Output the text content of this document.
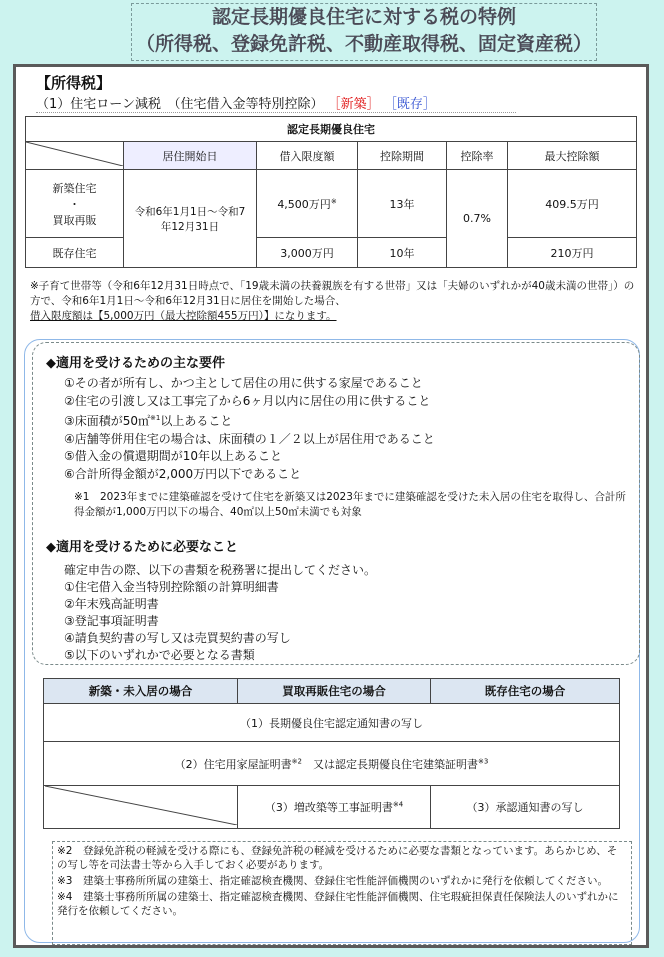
認定長期優良住宅に対する税の特例
（所得税、登録免許税、不動産取得税、固定資産税）
【所得税】
（1）住宅ローン減税　（住宅借入金等特別控除） ［新築］ ［既存］
認定長期優良住宅					
	居住開始日	借入限度額	控除期間	控除率	最大控除額

新築住宅
・
買取再販	令和6年1月1日～令和7年12月31日	4,500万円※	13年	0.7%	409.5万円
既存住宅		3,000万円	10年		210万円
※子育て世帯等（令和6年12月31日時点で、「19歳未満の扶養親族を有する世帯」又は「夫婦のいずれかが40歳未満の世帯」）の方で、令和6年1月1日～令和6年12月31日に居住を開始した場合、
借入限度額は【5,000万円（最大控除額455万円）】になります。
◆適用を受けるための主な要件
①その者が所有し、かつ主として居住の用に供する家屋であること
②住宅の引渡し又は工事完了から6ヶ月以内に居住の用に供すること
③床面積が50㎡$^{※1}$以上あること
④店舗等併用住宅の場合は、床面積の１／２以上が居住用であること
⑤借入金の償還期間が10年以上あること
⑥合計所得金額が2,000万円以下であること
※1　2023年までに建築確認を受けて住宅を新築又は2023年までに建築確認を受けた未入居の住宅を取得し、合計所得金額が1,000万円以下の場合、40㎡以上50㎡未満でも対象
◆適用を受けるために必要なこと
確定申告の際、以下の書類を税務署に提出してください。
①住宅借入金当特別控除額の計算明細書
②年末残高証明書
③登記事項証明書
④請負契約書の写し又は売買契約書の写し
⑤以下のいずれかで必要となる書類
新築・未入居の場合	買取再販住宅の場合	既存住宅の場合
（1）長期優良住宅認定通知書の写し		
（2）住宅用家屋証明書$^{※2}$　 又は認定長期優良住宅建築証明書$^{※3}$
	（3）増改築等工事証明書$^{※4}$	（3）承認通知書の写し

※2　登録免許税の軽減を受ける際にも、登録免許税の軽減を受けるために必要な書類となっています。あらかじめ、その写し等を司法書士等から入手しておく必要があります。

※3　建築士事務所所属の建築士、指定確認検査機関、登録住宅性能評価機関のいずれかに発行を依頼してください。

※4　建築士事務所所属の建築士、指定確認検査機関、登録住宅性能評価機関、住宅瑕疵担保責任保険法人のいずれかに発行を依頼してください。
